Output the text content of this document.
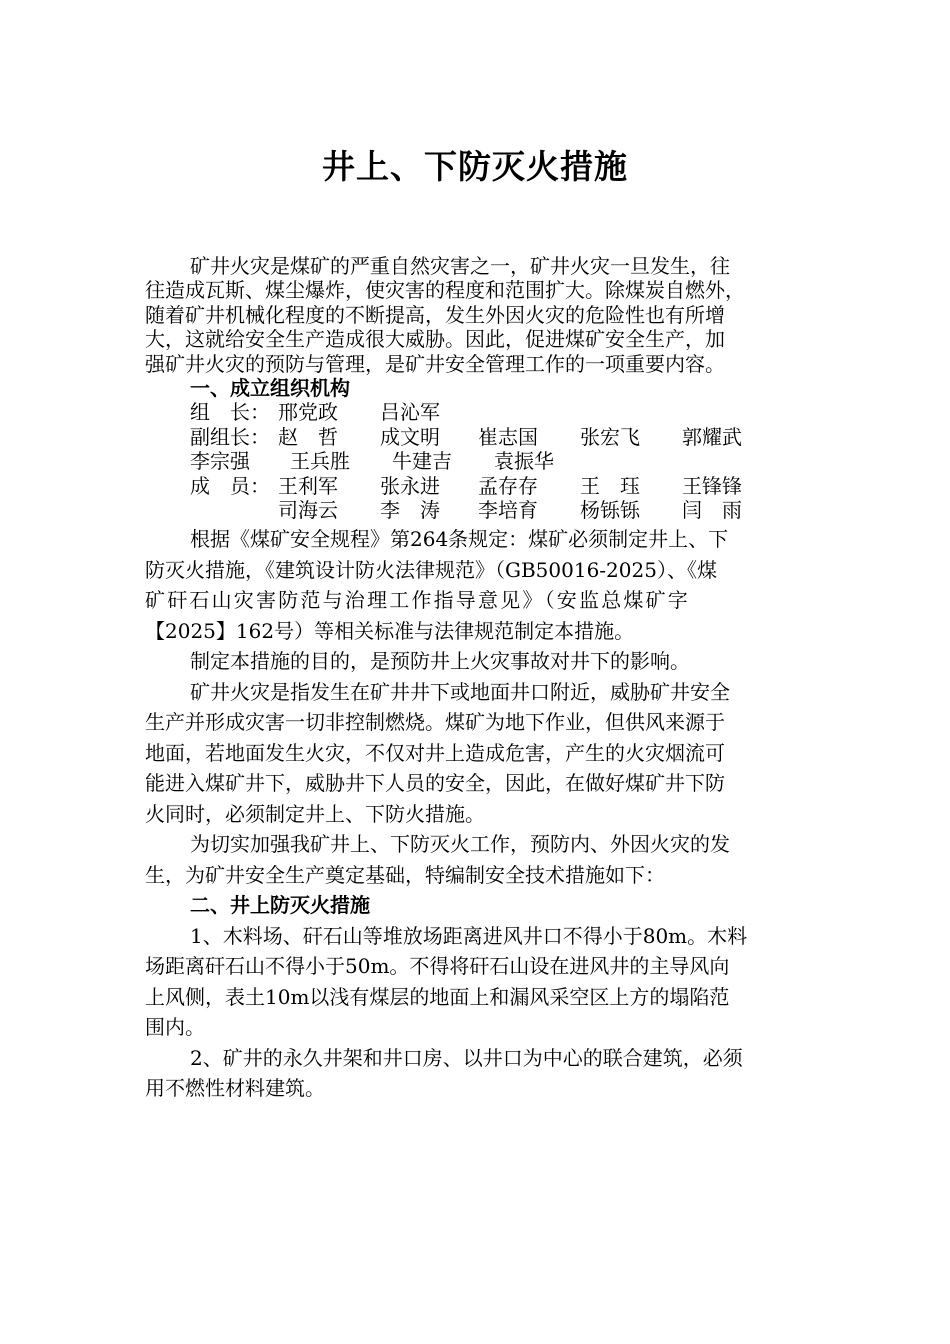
井上、下防灭火措施
矿井火灾是煤矿的严重自然灾害之一，矿井火灾一旦发生，往
往造成瓦斯、煤尘爆炸，使灾害的程度和范围扩大。除煤炭自燃外，
随着矿井机械化程度的不断提高，发生外因火灾的危险性也有所增
大，这就给安全生产造成很大威胁。因此，促进煤矿安全生产，加
强矿井火灾的预防与管理，是矿井安全管理工作的一项重要内容。
一、成立组织机构
组　长： 邢党政 吕沁军
副组长： 赵　哲 成文明 崔志国 张宏飞 郭耀武
李宗强 王兵胜 牛建吉 袁振华
成　员： 王利军 张永进 孟存存 王　珏 王锋锋
司海云 李　涛 李培育 杨铄铄 闫　雨
根据《煤矿安全规程》第264条规定：煤矿必须制定井上、下
防灭火措施，《建筑设计防火法律规范》（GB50016-2025）、《煤
矿矸石山灾害防范与治理工作指导意见》（安监总煤矿字
【2025】162号）等相关标准与法律规范制定本措施。
制定本措施的目的，是预防井上火灾事故对井下的影响。
矿井火灾是指发生在矿井井下或地面井口附近，威胁矿井安全
生产并形成灾害一切非控制燃烧。煤矿为地下作业，但供风来源于
地面，若地面发生火灾，不仅对井上造成危害，产生的火灾烟流可
能进入煤矿井下，威胁井下人员的安全，因此，在做好煤矿井下防
火同时，必须制定井上、下防火措施。
为切实加强我矿井上、下防灭火工作，预防内、外因火灾的发
生，为矿井安全生产奠定基础，特编制安全技术措施如下：
二、井上防灭火措施
1、木料场、矸石山等堆放场距离进风井口不得小于80m。木料
场距离矸石山不得小于50m。不得将矸石山设在进风井的主导风向
上风侧，表土10m以浅有煤层的地面上和漏风采空区上方的塌陷范
围内。
2、矿井的永久井架和井口房、以井口为中心的联合建筑，必须
用不燃性材料建筑。
